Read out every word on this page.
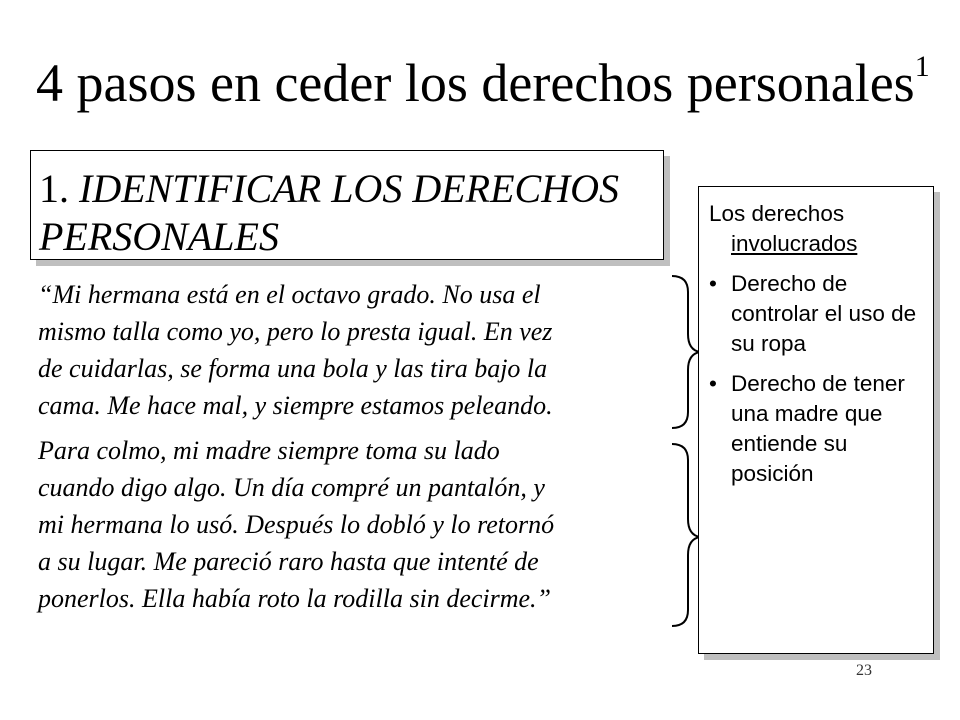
4 pasos en ceder los derechos personales$^1$
1. IDENTIFICAR LOS DERECHOS PERSONALES
“Mi hermana está en el octavo grado. No usa el
mismo talla como yo, pero lo presta igual. En vez
de cuidarlas, se forma una bola y las tira bajo la
cama. Me hace mal, y siempre estamos peleando.
Para colmo, mi madre siempre toma su lado
cuando digo algo. Un día compré un pantalón, y
mi hermana lo usó. Después lo dobló y lo retornó
a su lugar. Me pareció raro hasta que intenté de
ponerlos. Ella había roto la rodilla sin decirme.”
Los derechos
involucrados
• Derecho de controlar el uso de su ropa
• Derecho de tener una madre que entiende su posición
23
